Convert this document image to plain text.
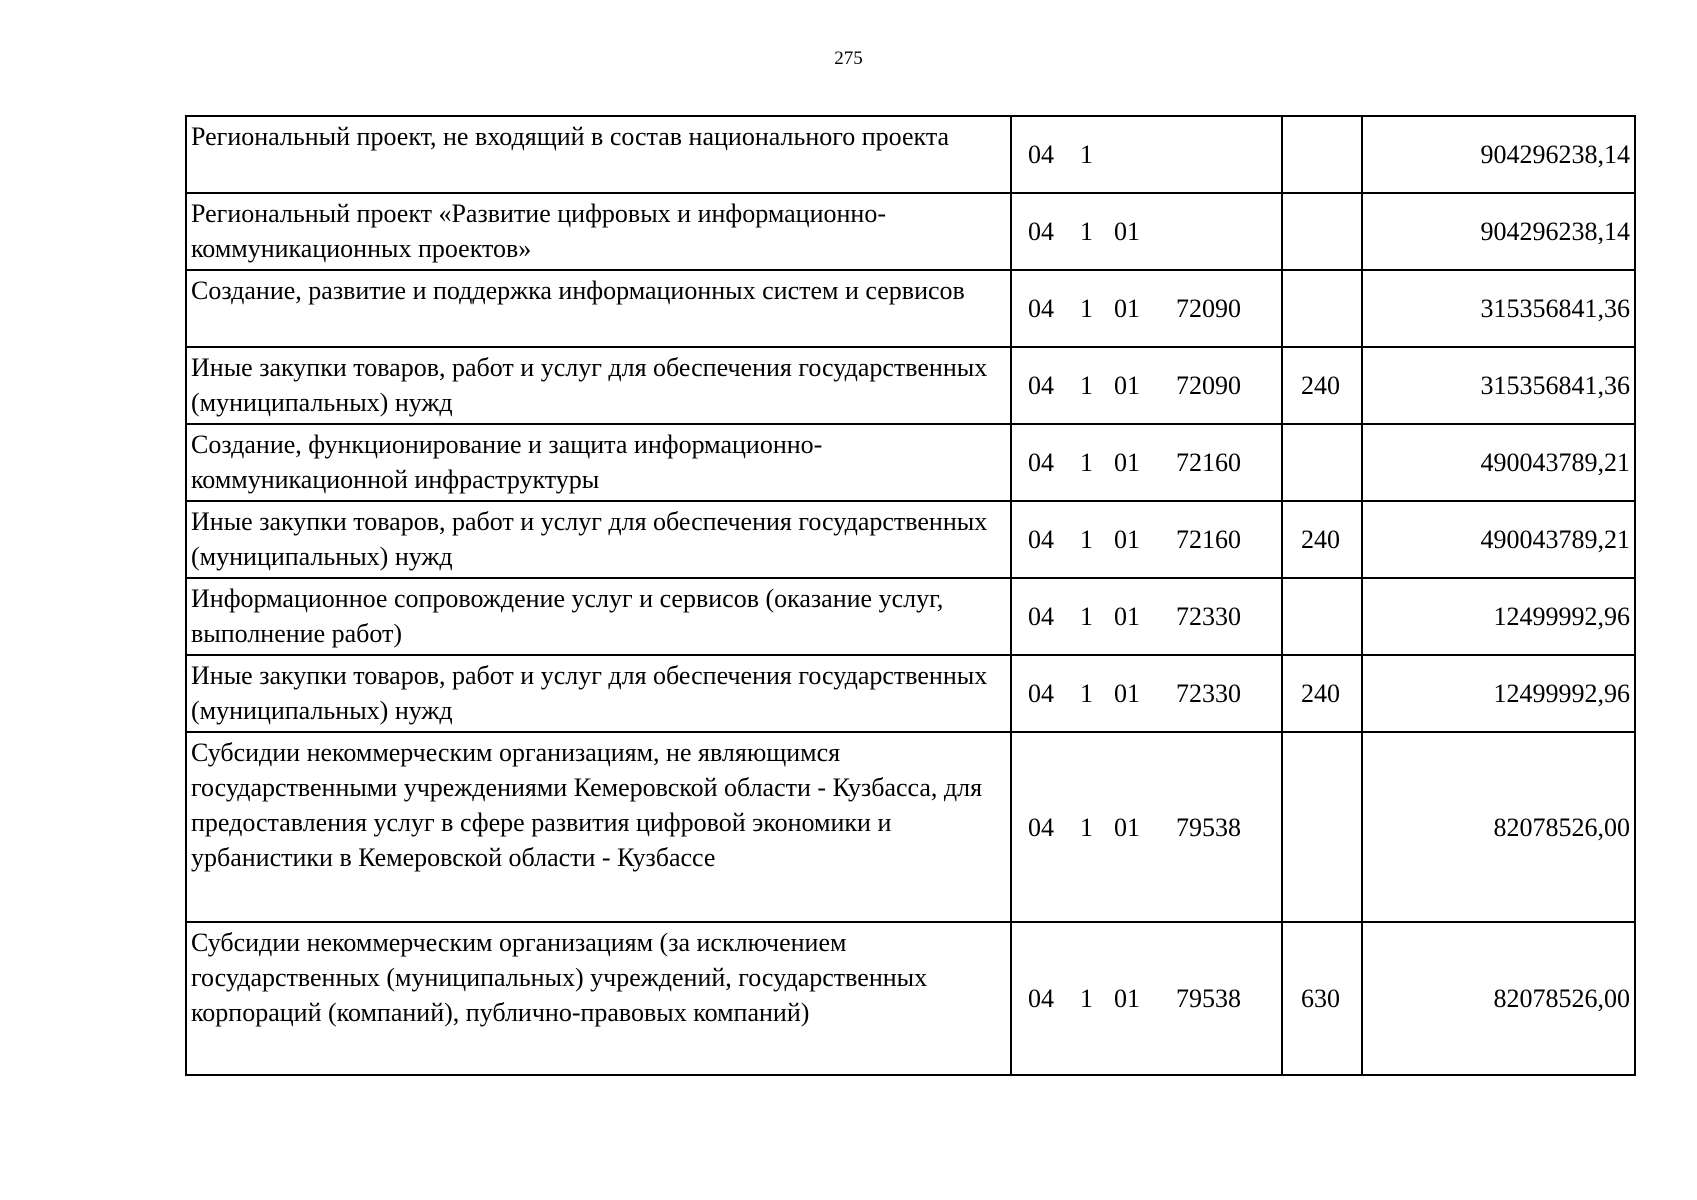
275
Региональный проект, не входящий в состав национального проекта	04 1		904296238,14
Региональный проект «Развитие цифровых и информационно-коммуникационных проектов»	04 1 01		904296238,14
Создание, развитие и поддержка информационных систем и сервисов	04 1 01 72090		315356841,36
Иные закупки товаров, работ и услуг для обеспечения государственных (муниципальных) нужд	04 1 01 72090	240	315356841,36
Создание, функционирование и защита информационно-коммуникационной инфраструктуры	04 1 01 72160		490043789,21
Иные закупки товаров, работ и услуг для обеспечения государственных (муниципальных) нужд	04 1 01 72160	240	490043789,21
Информационное сопровождение услуг и сервисов (оказание услуг, выполнение работ)	04 1 01 72330		12499992,96
Иные закупки товаров, работ и услуг для обеспечения государственных (муниципальных) нужд	04 1 01 72330	240	12499992,96
Субсидии некоммерческим организациям, не являющимся государственными учреждениями Кемеровской области - Кузбасса, для предоставления услуг в сфере развития цифровой экономики и урбанистики в Кемеровской области - Кузбассе	04 1 01 79538		82078526,00
Субсидии некоммерческим организациям (за исключением государственных (муниципальных) учреждений, государственных корпораций (компаний), публично-правовых компаний)	04 1 01 79538	630	82078526,00
